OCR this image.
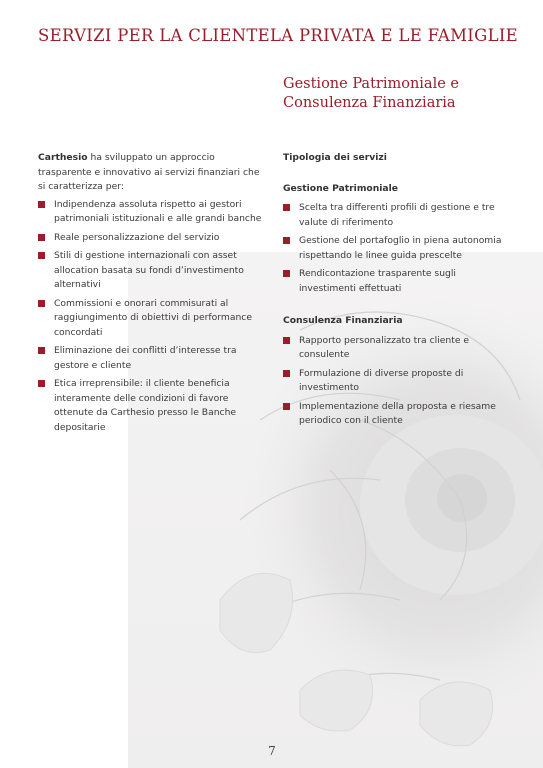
SERVIZI PER LA CLIENTELA PRIVATA E LE FAMIGLIE
Gestione Patrimoniale e
Consulenza Finanziaria

Carthesio ha sviluppato un approccio trasparente e innovativo ai servizi finanziari che si caratterizza per:

Indipendenza assoluta rispetto ai gestori patrimoniali istituzionali e alle grandi banche
Reale personalizzazione del servizio
Stili di gestione internazionali con asset allocation basata su fondi d’investimento alternativi
Commissioni e onorari commisurati al raggiungimento di obiettivi di performance concordati
Eliminazione dei conflitti d’interesse tra gestore e cliente
Etica irreprensibile: il cliente beneficia interamente delle condizioni di favore ottenute da Carthesio presso le Banche depositarie

Tipologia dei servizi

Gestione Patrimoniale

Scelta tra differenti profili di gestione e tre valute di riferimento
Gestione del portafoglio in piena autonomia rispettando le linee guida prescelte
Rendicontazione trasparente sugli investimenti effettuati

Consulenza Finanziaria

Rapporto personalizzato tra cliente e consulente
Formulazione di diverse proposte di investimento
Implementazione della proposta e riesame periodico con il cliente
7
